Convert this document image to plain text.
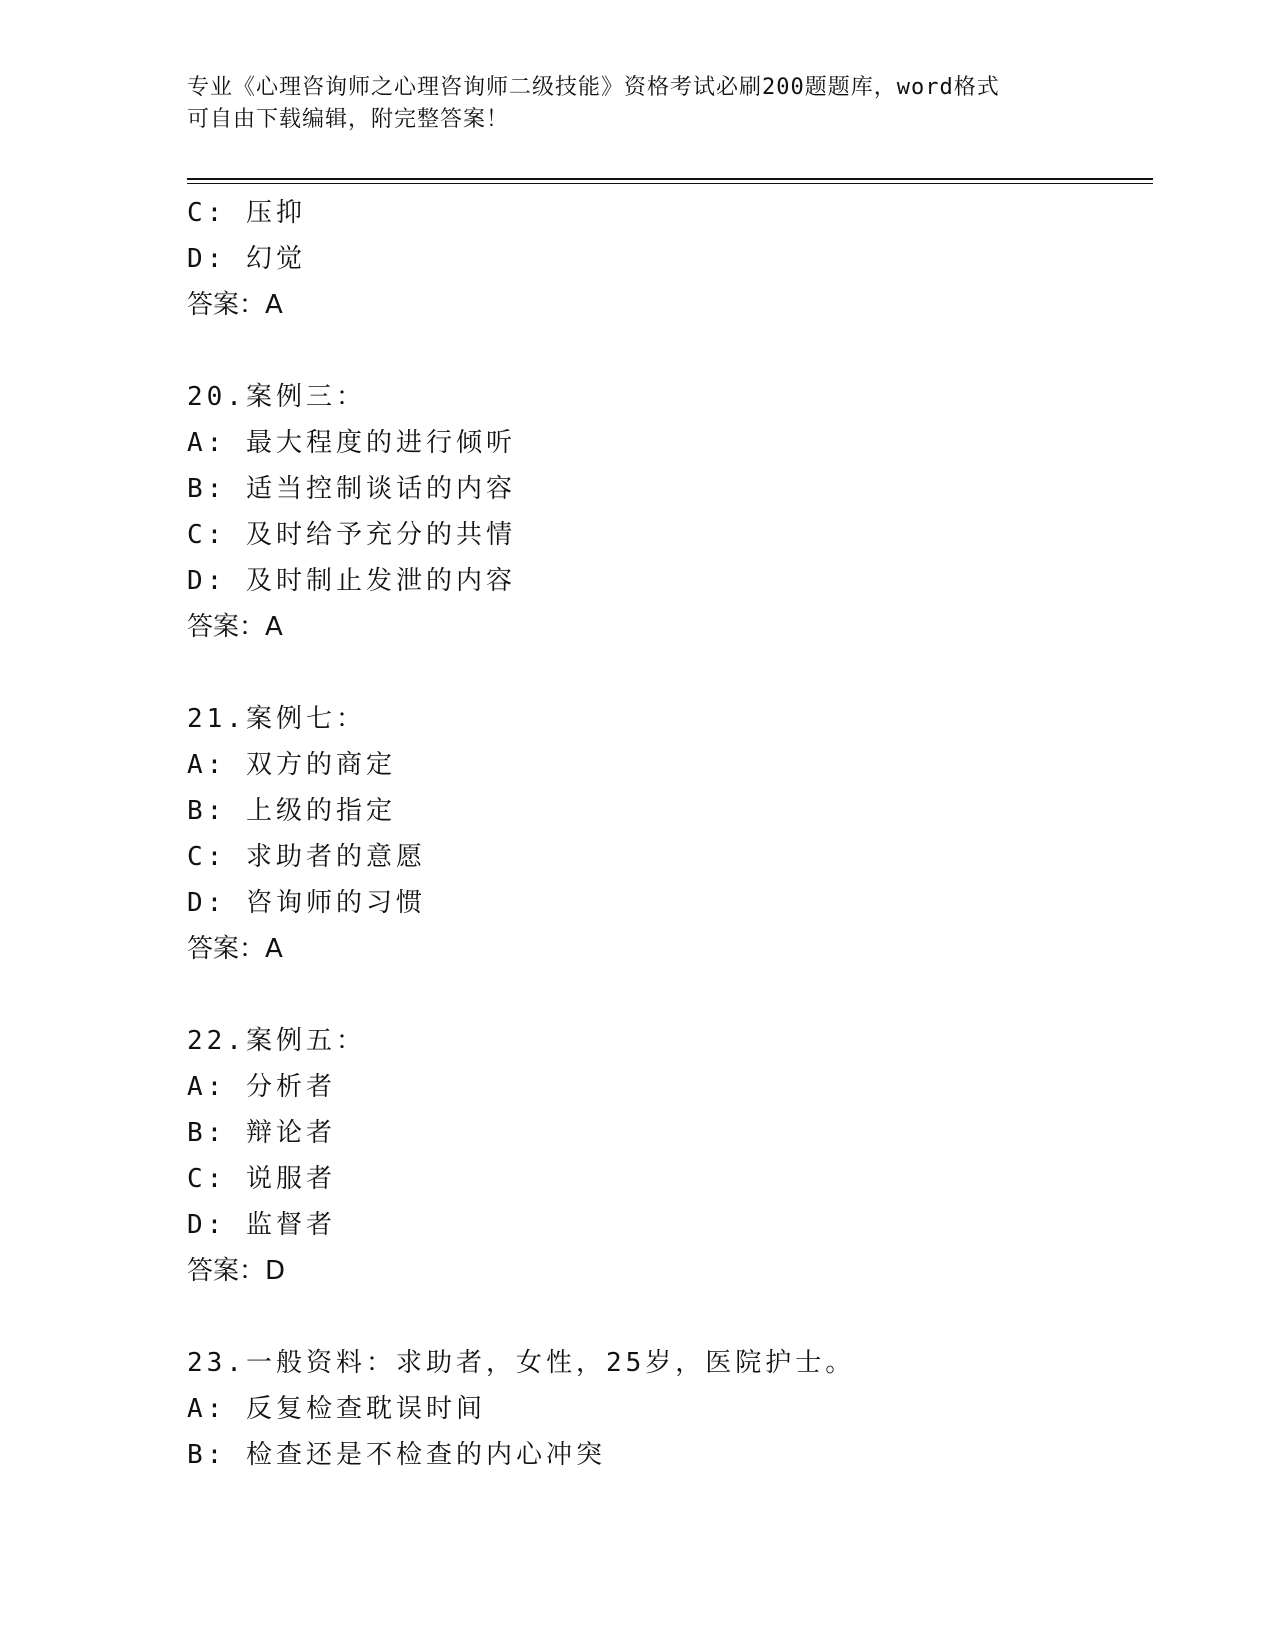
专业《心理咨询师之心理咨询师二级技能》资格考试必刷200题题库，word格式
可自由下载编辑，附完整答案！
C: 压抑
D: 幻觉
答案：A
20.案例三：
A: 最大程度的进行倾听
B: 适当控制谈话的内容
C: 及时给予充分的共情
D: 及时制止发泄的内容
答案：A
21.案例七：
A: 双方的商定
B: 上级的指定
C: 求助者的意愿
D: 咨询师的习惯
答案：A
22.案例五：
A: 分析者
B: 辩论者
C: 说服者
D: 监督者
答案：D
23.一般资料：求助者，女性，25岁，医院护士。
A: 反复检查耽误时间
B: 检查还是不检查的内心冲突
